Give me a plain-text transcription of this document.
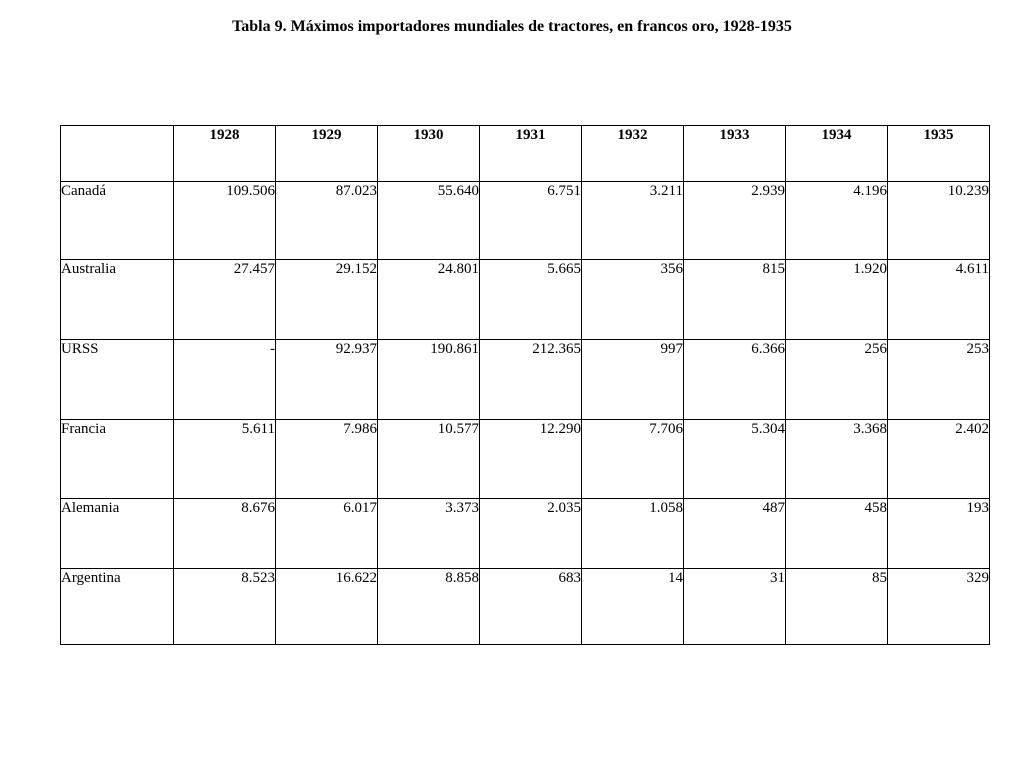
Tabla 9. Máximos importadores mundiales de tractores, en francos oro, 1928-1935
	1928	1929	1930	1931	1932	1933	1934	1935
Canadá	109.506	87.023	55.640	6.751	3.211	2.939	4.196	10.239
Australia	27.457	29.152	24.801	5.665	356	815	1.920	4.611
URSS	-	92.937	190.861	212.365	997	6.366	256	253
Francia	5.611	7.986	10.577	12.290	7.706	5.304	3.368	2.402
Alemania	8.676	6.017	3.373	2.035	1.058	487	458	193
Argentina	8.523	16.622	8.858	683	14	31	85	329
